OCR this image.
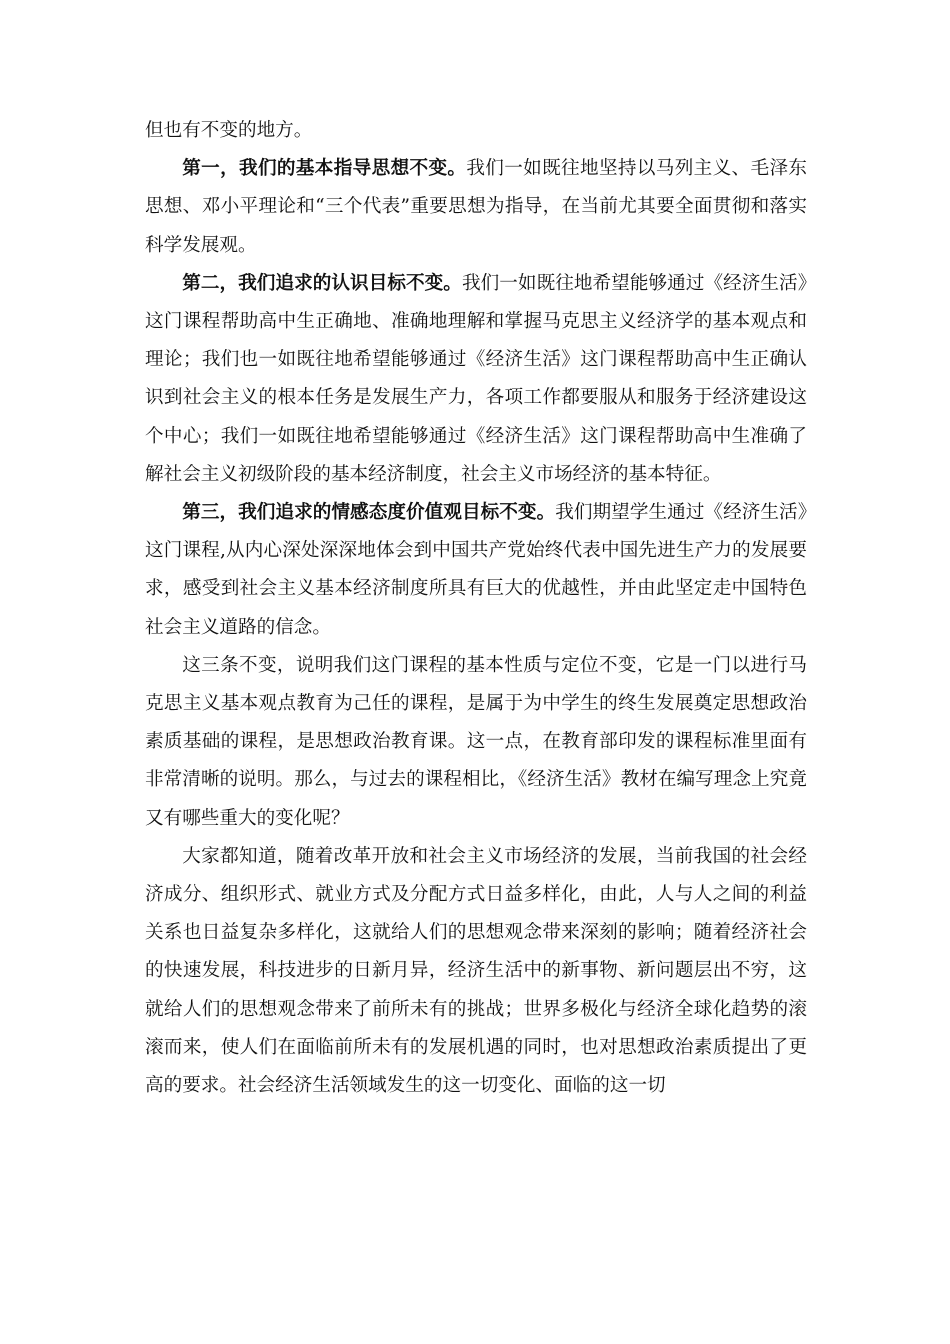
但也有不变的地方。

第一，我们的基本指导思想不变。我们一如既往地坚持以马列主义、毛泽东思想、邓小平理论和“三个代表”重要思想为指导，在当前尤其要全面贯彻和落实科学发展观。

第二，我们追求的认识目标不变。我们一如既往地希望能够通过《经济生活》这门课程帮助高中生正确地、准确地理解和掌握马克思主义经济学的基本观点和理论；我们也一如既往地希望能够通过《经济生活》这门课程帮助高中生正确认识到社会主义的根本任务是发展生产力，各项工作都要服从和服务于经济建设这个中心；我们一如既往地希望能够通过《经济生活》这门课程帮助高中生准确了解社会主义初级阶段的基本经济制度，社会主义市场经济的基本特征。

第三，我们追求的情感态度价值观目标不变。我们期望学生通过《经济生活》这门课程,从内心深处深深地体会到中国共产党始终代表中国先进生产力的发展要求，感受到社会主义基本经济制度所具有巨大的优越性，并由此坚定走中国特色社会主义道路的信念。

这三条不变，说明我们这门课程的基本性质与定位不变，它是一门以进行马克思主义基本观点教育为己任的课程，是属于为中学生的终生发展奠定思想政治素质基础的课程，是思想政治教育课。这一点，在教育部印发的课程标准里面有非常清晰的说明。那么，与过去的课程相比，《经济生活》教材在编写理念上究竟又有哪些重大的变化呢？

大家都知道，随着改革开放和社会主义市场经济的发展，当前我国的社会经济成分、组织形式、就业方式及分配方式日益多样化，由此，人与人之间的利益关系也日益复杂多样化，这就给人们的思想观念带来深刻的影响；随着经济社会的快速发展，科技进步的日新月异，经济生活中的新事物、新问题层出不穷，这就给人们的思想观念带来了前所未有的挑战；世界多极化与经济全球化趋势的滚滚而来，使人们在面临前所未有的发展机遇的同时，也对思想政治素质提出了更高的要求。社会经济生活领域发生的这一切变化、面临的这一切
